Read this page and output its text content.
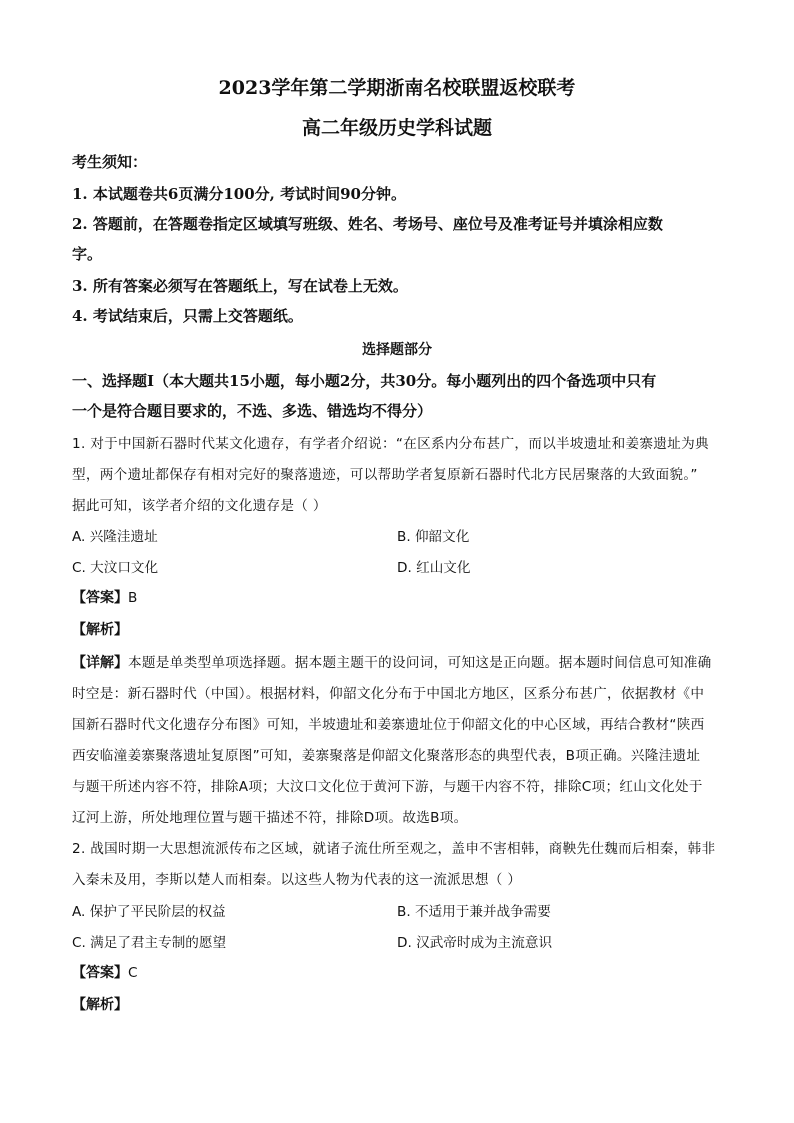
2023学年第二学期浙南名校联盟返校联考
高二年级历史学科试题
考生须知：
1. 本试题卷共6页满分100分, 考试时间90分钟。
2. 答题前，在答题卷指定区域填写班级、姓名、考场号、座位号及准考证号并填涂相应数
字。
3. 所有答案必须写在答题纸上，写在试卷上无效。
4. 考试结束后，只需上交答题纸。
选择题部分
一、选择题Ⅰ（本大题共15小题，每小题2分，共30分。每小题列出的四个备选项中只有
一个是符合题目要求的，不选、多选、错选均不得分）
1. 对于中国新石器时代某文化遗存，有学者介绍说：“在区系内分布甚广，而以半坡遗址和姜寨遗址为典
型，两个遗址都保存有相对完好的聚落遗迹，可以帮助学者复原新石器时代北方民居聚落的大致面貌。”
据此可知，该学者介绍的文化遗存是（ ）
A. 兴隆洼遗址	B. 仰韶文化
C. 大汶口文化	D. 红山文化
【答案】B
【解析】
【详解】本题是单类型单项选择题。据本题主题干的设问词，可知这是正向题。据本题时间信息可知准确
时空是：新石器时代（中国）。根据材料，仰韶文化分布于中国北方地区，区系分布甚广，依据教材《中
国新石器时代文化遗存分布图》可知，半坡遗址和姜寨遗址位于仰韶文化的中心区域，再结合教材“陕西
西安临潼姜寨聚落遗址复原图”可知，姜寨聚落是仰韶文化聚落形态的典型代表，B项正确。兴隆洼遗址
与题干所述内容不符，排除A项；大汶口文化位于黄河下游，与题干内容不符，排除C项；红山文化处于
辽河上游，所处地理位置与题干描述不符，排除D项。故选B项。
2. 战国时期一大思想流派传布之区域，就诸子流仕所至观之，盖申不害相韩，商鞅先仕魏而后相秦，韩非
入秦未及用，李斯以楚人而相秦。以这些人物为代表的这一流派思想（ ）
A. 保护了平民阶层的权益	B. 不适用于兼并战争需要
C. 满足了君主专制的愿望	D. 汉武帝时成为主流意识
【答案】C
【解析】
